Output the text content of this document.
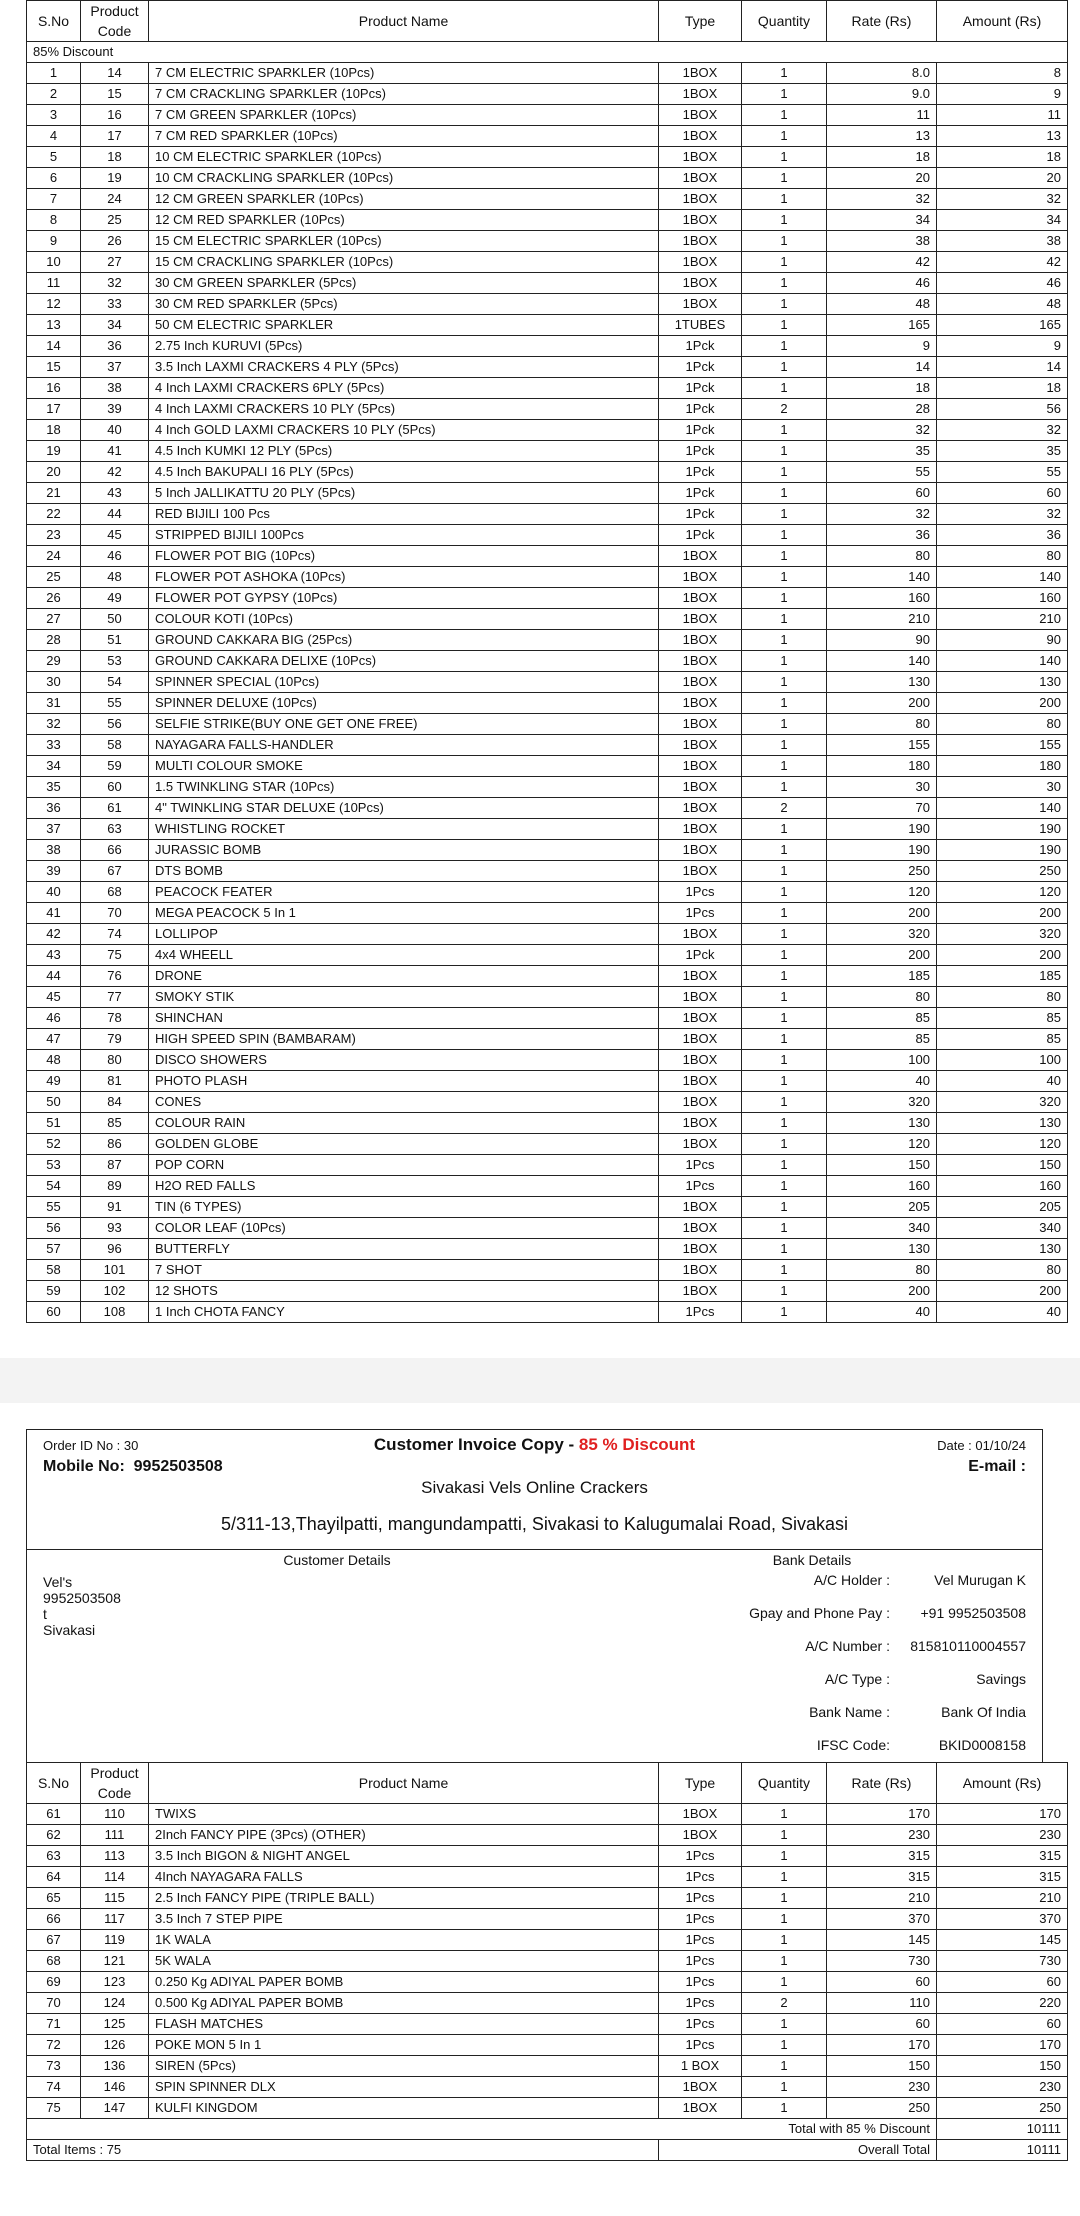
S.No	Product Code	Product Name	Type	Quantity	Rate (Rs)	Amount (Rs)
85% Discount						
1	14	7 CM ELECTRIC SPARKLER (10Pcs)	1BOX	1	8.0	8
2	15	7 CM CRACKLING SPARKLER (10Pcs)	1BOX	1	9.0	9
3	16	7 CM GREEN SPARKLER (10Pcs)	1BOX	1	11	11
4	17	7 CM RED SPARKLER (10Pcs)	1BOX	1	13	13
5	18	10 CM ELECTRIC SPARKLER (10Pcs)	1BOX	1	18	18
6	19	10 CM CRACKLING SPARKLER (10Pcs)	1BOX	1	20	20
7	24	12 CM GREEN SPARKLER (10Pcs)	1BOX	1	32	32
8	25	12 CM RED SPARKLER (10Pcs)	1BOX	1	34	34
9	26	15 CM ELECTRIC SPARKLER (10Pcs)	1BOX	1	38	38
10	27	15 CM CRACKLING SPARKLER (10Pcs)	1BOX	1	42	42
11	32	30 CM GREEN SPARKLER (5Pcs)	1BOX	1	46	46
12	33	30 CM RED SPARKLER (5Pcs)	1BOX	1	48	48
13	34	50 CM ELECTRIC SPARKLER	1TUBES	1	165	165
14	36	2.75 Inch KURUVI (5Pcs)	1Pck	1	9	9
15	37	3.5 Inch LAXMI CRACKERS 4 PLY (5Pcs)	1Pck	1	14	14
16	38	4 Inch LAXMI CRACKERS 6PLY (5Pcs)	1Pck	1	18	18
17	39	4 Inch LAXMI CRACKERS 10 PLY (5Pcs)	1Pck	2	28	56
18	40	4 Inch GOLD LAXMI CRACKERS 10 PLY (5Pcs)	1Pck	1	32	32
19	41	4.5 Inch KUMKI 12 PLY (5Pcs)	1Pck	1	35	35
20	42	4.5 Inch BAKUPALI 16 PLY (5Pcs)	1Pck	1	55	55
21	43	5 Inch JALLIKATTU 20 PLY (5Pcs)	1Pck	1	60	60
22	44	RED BIJILI 100 Pcs	1Pck	1	32	32
23	45	STRIPPED BIJILI 100Pcs	1Pck	1	36	36
24	46	FLOWER POT BIG (10Pcs)	1BOX	1	80	80
25	48	FLOWER POT ASHOKA (10Pcs)	1BOX	1	140	140
26	49	FLOWER POT GYPSY (10Pcs)	1BOX	1	160	160
27	50	COLOUR KOTI (10Pcs)	1BOX	1	210	210
28	51	GROUND CAKKARA BIG (25Pcs)	1BOX	1	90	90
29	53	GROUND CAKKARA DELIXE (10Pcs)	1BOX	1	140	140
30	54	SPINNER SPECIAL (10Pcs)	1BOX	1	130	130
31	55	SPINNER DELUXE (10Pcs)	1BOX	1	200	200
32	56	SELFIE STRIKE(BUY ONE GET ONE FREE)	1BOX	1	80	80
33	58	NAYAGARA FALLS-HANDLER	1BOX	1	155	155
34	59	MULTI COLOUR SMOKE	1BOX	1	180	180
35	60	1.5 TWINKLING STAR (10Pcs)	1BOX	1	30	30
36	61	4" TWINKLING STAR DELUXE (10Pcs)	1BOX	2	70	140
37	63	WHISTLING ROCKET	1BOX	1	190	190
38	66	JURASSIC BOMB	1BOX	1	190	190
39	67	DTS BOMB	1BOX	1	250	250
40	68	PEACOCK FEATER	1Pcs	1	120	120
41	70	MEGA PEACOCK 5 In 1	1Pcs	1	200	200
42	74	LOLLIPOP	1BOX	1	320	320
43	75	4x4 WHEELL	1Pck	1	200	200
44	76	DRONE	1BOX	1	185	185
45	77	SMOKY STIK	1BOX	1	80	80
46	78	SHINCHAN	1BOX	1	85	85
47	79	HIGH SPEED SPIN (BAMBARAM)	1BOX	1	85	85
48	80	DISCO SHOWERS	1BOX	1	100	100
49	81	PHOTO PLASH	1BOX	1	40	40
50	84	CONES	1BOX	1	320	320
51	85	COLOUR RAIN	1BOX	1	130	130
52	86	GOLDEN GLOBE	1BOX	1	120	120
53	87	POP CORN	1Pcs	1	150	150
54	89	H2O RED FALLS	1Pcs	1	160	160
55	91	TIN (6 TYPES)	1BOX	1	205	205
56	93	COLOR LEAF (10Pcs)	1BOX	1	340	340
57	96	BUTTERFLY	1BOX	1	130	130
58	101	7 SHOT	1BOX	1	80	80
59	102	12 SHOTS	1BOX	1	200	200
60	108	1 Inch CHOTA FANCY	1Pcs	1	40	40
Order ID No : 30	Customer Invoice Copy - 85 % Discount	Date : 01/10/24
Mobile No: 9952503508	E-mail :
Sivakasi Vels Online Crackers
5/311-13,Thayilpatti, mangundampatti, Sivakasi to Kalugumalai Road, Sivakasi
Customer Details
Vel's
9952503508
t
Sivakasi
Bank Details
A/C Holder :	Vel Murugan K
Gpay and Phone Pay : +91 9952503508
A/C Number : 815810110004557
A/C Type :	Savings
Bank Name :	Bank Of India
IFSC Code:	BKID0008158
S.No	Product Code	Product Name	Type	Quantity	Rate (Rs)	Amount (Rs)
61	110	TWIXS	1BOX	1	170	170
62	111	2Inch FANCY PIPE (3Pcs) (OTHER)	1BOX	1	230	230
63	113	3.5 Inch BIGON & NIGHT ANGEL	1Pcs	1	315	315
64	114	4Inch NAYAGARA FALLS	1Pcs	1	315	315
65	115	2.5 Inch FANCY PIPE (TRIPLE BALL)	1Pcs	1	210	210
66	117	3.5 Inch 7 STEP PIPE	1Pcs	1	370	370
67	119	1K WALA	1Pcs	1	145	145
68	121	5K WALA	1Pcs	1	730	730
69	123	0.250 Kg ADIYAL PAPER BOMB	1Pcs	1	60	60
70	124	0.500 Kg ADIYAL PAPER BOMB	1Pcs	2	110	220
71	125	FLASH MATCHES	1Pcs	1	60	60
72	126	POKE MON 5 In 1	1Pcs	1	170	170
73	136	SIREN (5Pcs)	1 BOX	1	150	150
74	146	SPIN SPINNER DLX	1BOX	1	230	230
75	147	KULFI KINGDOM	1BOX	1	250	250
Total with 85 % Discount						10111
Total Items : 75			Overall Total			10111
